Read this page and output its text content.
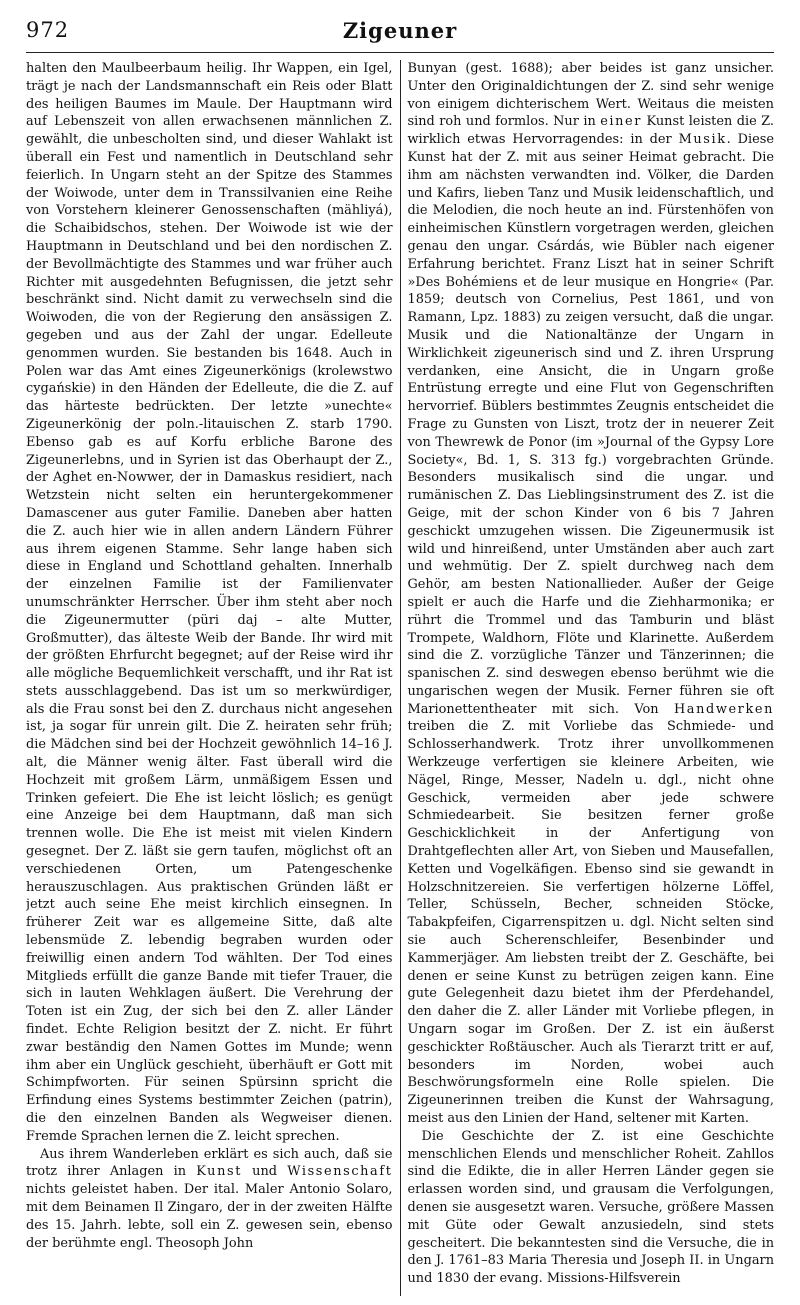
972	Zigeuner

halten den Maulbeerbaum heilig. Ihr Wappen, ein Igel, trägt je nach der Landsmannschaft ein Reis oder Blatt des heiligen Baumes im Maule. Der Hauptmann wird auf Lebenszeit von allen erwachsenen männlichen Z. gewählt, die unbescholten sind, und dieser Wahlakt ist überall ein Fest und namentlich in Deutschland sehr feierlich. In Ungarn steht an der Spitze des Stammes der Woiwode, unter dem in Transsilvanien eine Reihe von Vorstehern kleinerer Genossenschaften (mähliyá), die Schaibidschos, stehen. Der Woiwode ist wie der Hauptmann in Deutschland und bei den nordischen Z. der Bevollmächtigte des Stammes und war früher auch Richter mit ausgedehnten Befugnissen, die jetzt sehr beschränkt sind. Nicht damit zu verwechseln sind die Woiwoden, die von der Regierung den ansässigen Z. gegeben und aus der Zahl der ungar. Edelleute genommen wurden. Sie bestanden bis 1648. Auch in Polen war das Amt eines Zigeunerkönigs (krolewstwo cygańskie) in den Händen der Edelleute, die die Z. auf das härteste bedrückten. Der letzte »unechte« Zigeunerkönig der poln.-litauischen Z. starb 1790. Ebenso gab es auf Korfu erbliche Barone des Zigeunerlebns, und in Syrien ist das Oberhaupt der Z., der Aghet en-Nowwer, der in Damaskus residiert, nach Wetzstein nicht selten ein heruntergekommener Damascener aus guter Familie. Daneben aber hatten die Z. auch hier wie in allen andern Ländern Führer aus ihrem eigenen Stamme. Sehr lange haben sich diese in England und Schottland gehalten. Innerhalb der einzelnen Familie ist der Familienvater unumschränkter Herrscher. Über ihm steht aber noch die Zigeunermutter (püri daj – alte Mutter, Großmutter), das älteste Weib der Bande. Ihr wird mit der größten Ehrfurcht begegnet; auf der Reise wird ihr alle mögliche Bequemlichkeit verschafft, und ihr Rat ist stets ausschlaggebend. Das ist um so merkwürdiger, als die Frau sonst bei den Z. durchaus nicht angesehen ist, ja sogar für unrein gilt. Die Z. heiraten sehr früh; die Mädchen sind bei der Hochzeit gewöhnlich 14–16 J. alt, die Männer wenig älter. Fast überall wird die Hochzeit mit großem Lärm, unmäßigem Essen und Trinken gefeiert. Die Ehe ist leicht löslich; es genügt eine Anzeige bei dem Hauptmann, daß man sich trennen wolle. Die Ehe ist meist mit vielen Kindern gesegnet. Der Z. läßt sie gern taufen, möglichst oft an verschiedenen Orten, um Patengeschenke herauszuschlagen. Aus praktischen Gründen läßt er jetzt auch seine Ehe meist kirchlich einsegnen. In früherer Zeit war es allgemeine Sitte, daß alte lebensmüde Z. lebendig begraben wurden oder freiwillig einen andern Tod wählten. Der Tod eines Mitglieds erfüllt die ganze Bande mit tiefer Trauer, die sich in lauten Wehklagen äußert. Die Verehrung der Toten ist ein Zug, der sich bei den Z. aller Länder findet. Echte Religion besitzt der Z. nicht. Er führt zwar beständig den Namen Gottes im Munde; wenn ihm aber ein Unglück geschieht, überhäuft er Gott mit Schimpfworten. Für seinen Spürsinn spricht die Erfindung eines Systems bestimmter Zeichen (patrin), die den einzelnen Banden als Wegweiser dienen. Fremde Sprachen lernen die Z. leicht sprechen.

Aus ihrem Wanderleben erklärt es sich auch, daß sie trotz ihrer Anlagen in Kunst und Wissenschaft nichts geleistet haben. Der ital. Maler Antonio Solaro, mit dem Beinamen Il Zingaro, der in der zweiten Hälfte des 15. Jahrh. lebte, soll ein Z. gewesen sein, ebenso der berühmte engl. Theosoph John

Bunyan (gest. 1688); aber beides ist ganz unsicher. Unter den Originaldichtungen der Z. sind sehr wenige von einigem dichterischem Wert. Weitaus die meisten sind roh und formlos. Nur in einer Kunst leisten die Z. wirklich etwas Hervorragendes: in der Musik. Diese Kunst hat der Z. mit aus seiner Heimat gebracht. Die ihm am nächsten verwandten ind. Völker, die Darden und Kafirs, lieben Tanz und Musik leidenschaftlich, und die Melodien, die noch heute an ind. Fürstenhöfen von einheimischen Künstlern vorgetragen werden, gleichen genau den ungar. Csárdás, wie Bübler nach eigener Erfahrung berichtet. Franz Liszt hat in seiner Schrift »Des Bohémiens et de leur musique en Hongrie« (Par. 1859; deutsch von Cornelius, Pest 1861, und von Ramann, Lpz. 1883) zu zeigen versucht, daß die ungar. Musik und die Nationaltänze der Ungarn in Wirklichkeit zigeunerisch sind und Z. ihren Ursprung verdanken, eine Ansicht, die in Ungarn große Entrüstung erregte und eine Flut von Gegenschriften hervorrief. Büblers bestimmtes Zeugnis entscheidet die Frage zu Gunsten von Liszt, trotz der in neuerer Zeit von Thewrewk de Ponor (im »Journal of the Gypsy Lore Society«, Bd. 1, S. 313 fg.) vorgebrachten Gründe. Besonders musikalisch sind die ungar. und rumänischen Z. Das Lieblingsinstrument des Z. ist die Geige, mit der schon Kinder von 6 bis 7 Jahren geschickt umzugehen wissen. Die Zigeunermusik ist wild und hinreißend, unter Umständen aber auch zart und wehmütig. Der Z. spielt durchweg nach dem Gehör, am besten Nationallieder. Außer der Geige spielt er auch die Harfe und die Ziehharmonika; er rührt die Trommel und das Tamburin und bläst Trompete, Waldhorn, Flöte und Klarinette. Außerdem sind die Z. vorzügliche Tänzer und Tänzerinnen; die spanischen Z. sind deswegen ebenso berühmt wie die ungarischen wegen der Musik. Ferner führen sie oft Marionettentheater mit sich. Von Handwerken treiben die Z. mit Vorliebe das Schmiede- und Schlosserhandwerk. Trotz ihrer unvollkommenen Werkzeuge verfertigen sie kleinere Arbeiten, wie Nägel, Ringe, Messer, Nadeln u. dgl., nicht ohne Geschick, vermeiden aber jede schwere Schmiedearbeit. Sie besitzen ferner große Geschicklichkeit in der Anfertigung von Drahtgeflechten aller Art, von Sieben und Mausefallen, Ketten und Vogelkäfigen. Ebenso sind sie gewandt in Holzschnitzereien. Sie verfertigen hölzerne Löffel, Teller, Schüsseln, Becher, schneiden Stöcke, Tabakpfeifen, Cigarrenspitzen u. dgl. Nicht selten sind sie auch Scherenschleifer, Besenbinder und Kammerjäger. Am liebsten treibt der Z. Geschäfte, bei denen er seine Kunst zu betrügen zeigen kann. Eine gute Gelegenheit dazu bietet ihm der Pferdehandel, den daher die Z. aller Länder mit Vorliebe pflegen, in Ungarn sogar im Großen. Der Z. ist ein äußerst geschickter Roßtäuscher. Auch als Tierarzt tritt er auf, besonders im Norden, wobei auch Beschwörungsformeln eine Rolle spielen. Die Zigeunerinnen treiben die Kunst der Wahrsagung, meist aus den Linien der Hand, seltener mit Karten.

Die Geschichte der Z. ist eine Geschichte menschlichen Elends und menschlicher Roheit. Zahllos sind die Edikte, die in aller Herren Länder gegen sie erlassen worden sind, und grausam die Verfolgungen, denen sie ausgesetzt waren. Versuche, größere Massen mit Güte oder Gewalt anzusiedeln, sind stets gescheitert. Die bekanntesten sind die Versuche, die in den J. 1761–83 Maria Theresia und Joseph II. in Ungarn und 1830 der evang. Missions-Hilfsverein
